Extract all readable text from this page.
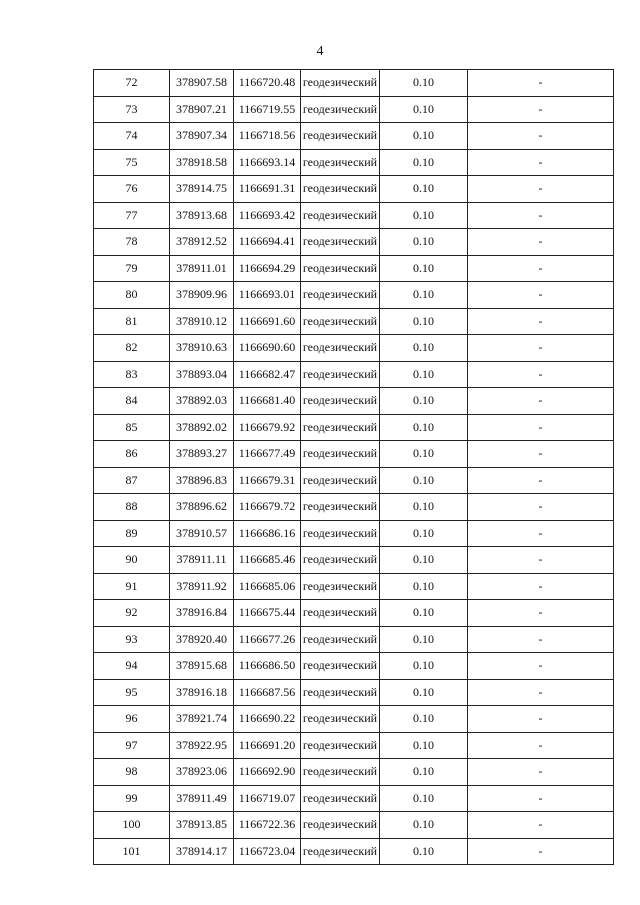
4
72	378907.58	1166720.48	геодезический	0.10	-
73	378907.21	1166719.55	геодезический	0.10	-
74	378907.34	1166718.56	геодезический	0.10	-
75	378918.58	1166693.14	геодезический	0.10	-
76	378914.75	1166691.31	геодезический	0.10	-
77	378913.68	1166693.42	геодезический	0.10	-
78	378912.52	1166694.41	геодезический	0.10	-
79	378911.01	1166694.29	геодезический	0.10	-
80	378909.96	1166693.01	геодезический	0.10	-
81	378910.12	1166691.60	геодезический	0.10	-
82	378910.63	1166690.60	геодезический	0.10	-
83	378893.04	1166682.47	геодезический	0.10	-
84	378892.03	1166681.40	геодезический	0.10	-
85	378892.02	1166679.92	геодезический	0.10	-
86	378893.27	1166677.49	геодезический	0.10	-
87	378896.83	1166679.31	геодезический	0.10	-
88	378896.62	1166679.72	геодезический	0.10	-
89	378910.57	1166686.16	геодезический	0.10	-
90	378911.11	1166685.46	геодезический	0.10	-
91	378911.92	1166685.06	геодезический	0.10	-
92	378916.84	1166675.44	геодезический	0.10	-
93	378920.40	1166677.26	геодезический	0.10	-
94	378915.68	1166686.50	геодезический	0.10	-
95	378916.18	1166687.56	геодезический	0.10	-
96	378921.74	1166690.22	геодезический	0.10	-
97	378922.95	1166691.20	геодезический	0.10	-
98	378923.06	1166692.90	геодезический	0.10	-
99	378911.49	1166719.07	геодезический	0.10	-
100	378913.85	1166722.36	геодезический	0.10	-
101	378914.17	1166723.04	геодезический	0.10	-
